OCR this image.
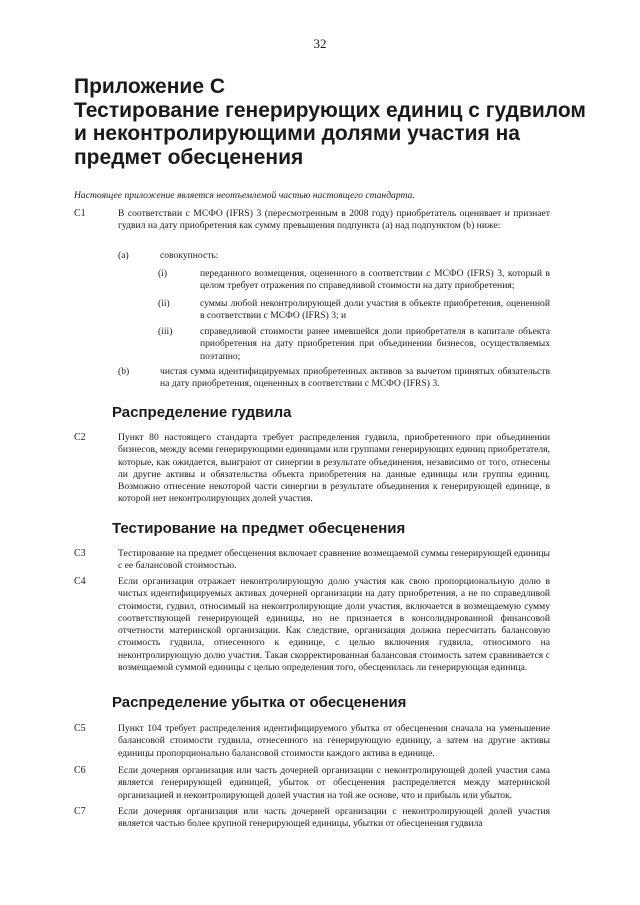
32
Приложение С
Тестирование генерирующих единиц с гудвилом
и неконтролирующими долями участия на
предмет обесценения
Настоящее приложение является неотъемлемой частью настоящего стандарта.
С1	В соответствии с МСФО (IFRS) 3 (пересмотренным в 2008 году) приобретатель оценивает и признает гудвил на дату приобретения как сумму превышения подпункта (а) над подпунктом (b) ниже:
(а)	совокупность:
(i)	переданного возмещения, оцененного в соответствии с МСФО (IFRS) 3, который в целом требует отражения по справедливой стоимости на дату приобретения;
(ii)	суммы любой неконтролирующей доли участия в объекте приобретения, оцененной в соответствии с МСФО (IFRS) 3; и
(iii)	справедливой стоимости ранее имевшейся доли приобретателя в капитале объекта приобретения на дату приобретения при объединении бизнесов, осуществляемых поэтапно;
(b)	чистая сумма идентифицируемых приобретенных активов за вычетом принятых обязательств на дату приобретения, оцененных в соответствии с МСФО (IFRS) 3.
Распределение гудвила
С2	Пункт 80 настоящего стандарта требует распределения гудвила, приобретенного при объединении бизнесов, между всеми генерирующими единицами или группами генерирующих единиц приобретателя, которые, как ожидается, выиграют от синергии в результате объединения, независимо от того, отнесены ли другие активы и обязательства объекта приобретения на данные единицы или группы единиц. Возможно отнесение некоторой части синергии в результате объединения к генерирующей единице, в которой нет неконтролирующих долей участия.
Тестирование на предмет обесценения
С3	Тестирование на предмет обесценения включает сравнение возмещаемой суммы генерирующей единицы с ее балансовой стоимостью.
С4	Если организация отражает неконтролирующую долю участия как свою пропорциональную долю в чистых идентифицируемых активах дочерней организации на дату приобретения, а не по справедливой стоимости, гудвил, относимый на неконтролирующие доли участия, включается в возмещаемую сумму соответствующей генерирующей единицы, но не признается в консолидированной финансовой отчетности материнской организации. Как следствие, организация должна пересчитать балансовую стоимость гудвила, отнесенного к единице, с целью включения гудвила, относимого на неконтролирующую долю участия. Такая скорректированная балансовая стоимость затем сравнивается с возмещаемой суммой единицы с целью определения того, обесценилась ли генерирующая единица.
Распределение убытка от обесценения
С5	Пункт 104 требует распределения идентифицируемого убытка от обесценения сначала на уменьшение балансовой стоимости гудвила, отнесенного на генерирующую единицу, а затем на другие активы единицы пропорционально балансовой стоимости каждого актива в единице.
С6	Если дочерняя организация или часть дочерней организации с неконтролирующей долей участия сама является генерирующей единицей, убыток от обесценения распределяется между материнской организацией и неконтролирующей долей участия на той же основе, что и прибыль или убыток.
С7	Если дочерняя организация или часть дочерней организации с неконтролирующей долей участия является частью более крупной генерирующей единицы, убытки от обесценения гудвила
